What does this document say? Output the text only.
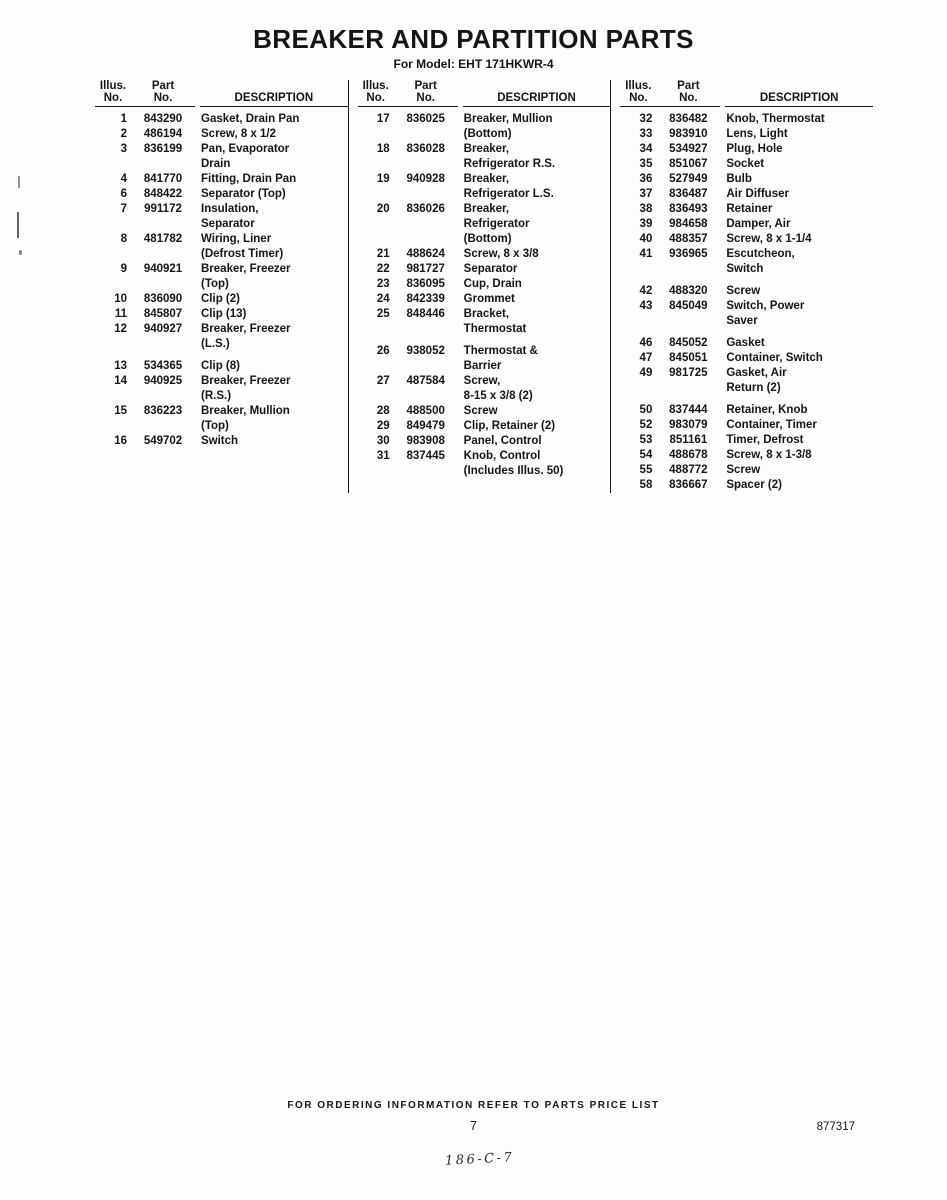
BREAKER AND PARTITION PARTS
For Model: EHT 171HKWR-4
Illus.
No.
Part
No.	DESCRIPTION
1	843290	Gasket, Drain Pan
2	486194	Screw, 8 x 1/2
3	836199	Pan, Evaporator
Drain
4	841770	Fitting, Drain Pan
6	848422	Separator (Top)
7	991172	Insulation,
Separator
8	481782	Wiring, Liner
(Defrost Timer)
9	940921	Breaker, Freezer
(Top)
10	836090	Clip (2)
11	845807	Clip (13)
12	940927	Breaker, Freezer
(L.S.)
13	534365	Clip (8)
14	940925	Breaker, Freezer
(R.S.)
15	836223	Breaker, Mullion
(Top)
16	549702	Switch
Illus.
No.
Part
No.	DESCRIPTION
17	836025	Breaker, Mullion
(Bottom)
18	836028	Breaker,
Refrigerator R.S.
19	940928	Breaker,
Refrigerator L.S.
20	836026	Breaker,
Refrigerator
(Bottom)
21	488624	Screw, 8 x 3/8
22	981727	Separator
23	836095	Cup, Drain
24	842339	Grommet
25	848446	Bracket,
Thermostat
26	938052	Thermostat &
Barrier
27	487584	Screw,
8-15 x 3/8 (2)
28	488500	Screw
29	849479	Clip, Retainer (2)
30	983908	Panel, Control
31	837445	Knob, Control
(Includes Illus. 50)
Illus.
No.
Part
No.	DESCRIPTION
32	836482	Knob, Thermostat
33	983910	Lens, Light
34	534927	Plug, Hole
35	851067	Socket
36	527949	Bulb
37	836487	Air Diffuser
38	836493	Retainer
39	984658	Damper, Air
40	488357	Screw, 8 x 1-1/4
41	936965	Escutcheon,
Switch
42	488320	Screw
43	845049	Switch, Power
Saver
46	845052	Gasket
47	845051	Container, Switch
49	981725	Gasket, Air
Return (2)
50	837444	Retainer, Knob
52	983079	Container, Timer
53	851161	Timer, Defrost
54	488678	Screw, 8 x 1-3/8
55	488772	Screw
58	836667	Spacer (2)
FOR ORDERING INFORMATION REFER TO PARTS PRICE LIST
7	877317
186-C-7
